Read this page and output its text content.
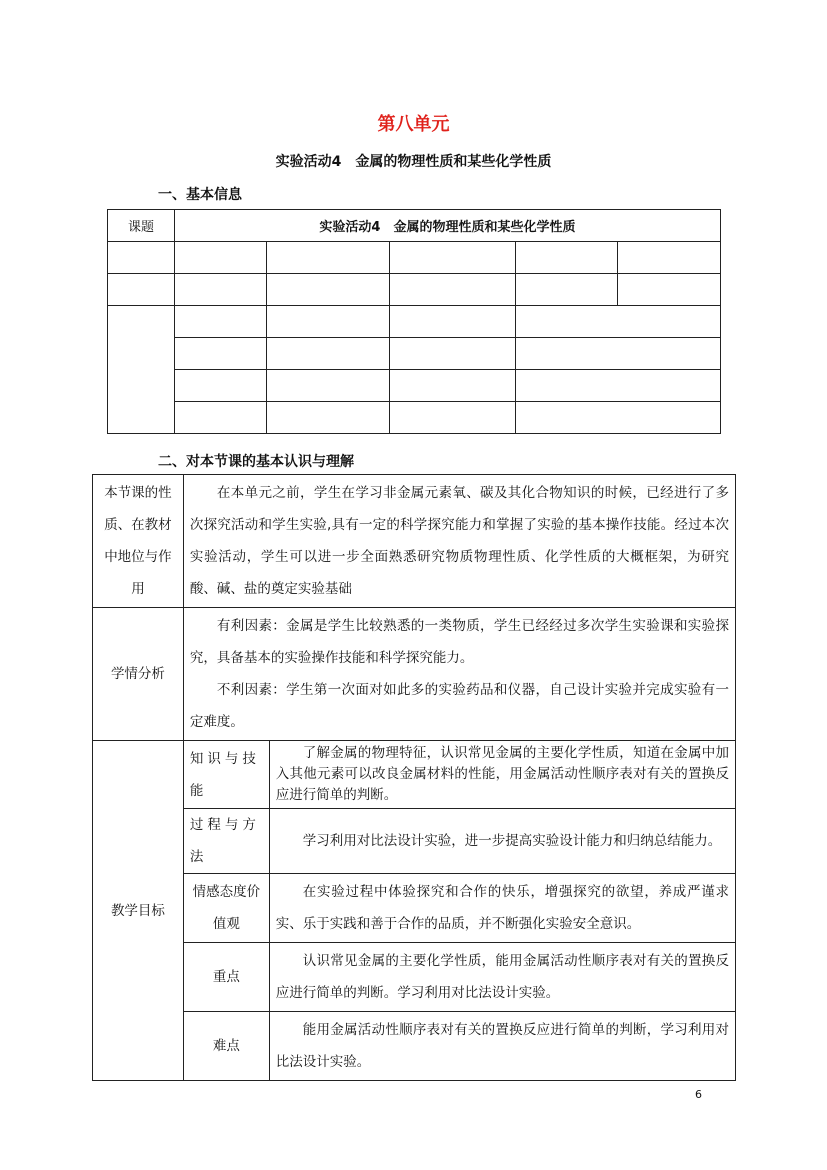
第八单元
实验活动4　金属的物理性质和某些化学性质
一、基本信息
课题	实验活动4　金属的物理性质和某些化学性质				

二、对本节课的基本认识与理解
本节课的性质、在教材中地位与作用	在本单元之前，学生在学习非金属元素氧、碳及其化合物知识的时候，已经进行了多次探究活动和学生实验,具有一定的科学探究能力和掌握了实验的基本操作技能。经过本次实验活动，学生可以进一步全面熟悉研究物质物理性质、化学性质的大概框架，为研究酸、碱、盐的奠定实验基础	
学情分析	有利因素：金属是学生比较熟悉的一类物质，学生已经经过多次学生实验课和实验探究，具备基本的实验操作技能和科学探究能力。
不利因素：学生第一次面对如此多的实验药品和仪器，自己设计实验并完成实验有一定难度。	

教学目标	知识与技能	了解金属的物理特征，认识常见金属的主要化学性质，知道在金属中加入其他元素可以改良金属材料的性能，用金属活动性顺序表对有关的置换反应进行简单的判断。
	过程与方法	学习利用对比法设计实验，进一步提高实验设计能力和归纳总结能力。
	情感态度价值观	在实验过程中体验探究和合作的快乐，增强探究的欲望，养成严谨求实、乐于实践和善于合作的品质，并不断强化实验安全意识。
	重点	认识常见金属的主要化学性质，能用金属活动性顺序表对有关的置换反应进行简单的判断。学习利用对比法设计实验。
	难点	能用金属活动性顺序表对有关的置换反应进行简单的判断，学习利用对比法设计实验。
6
